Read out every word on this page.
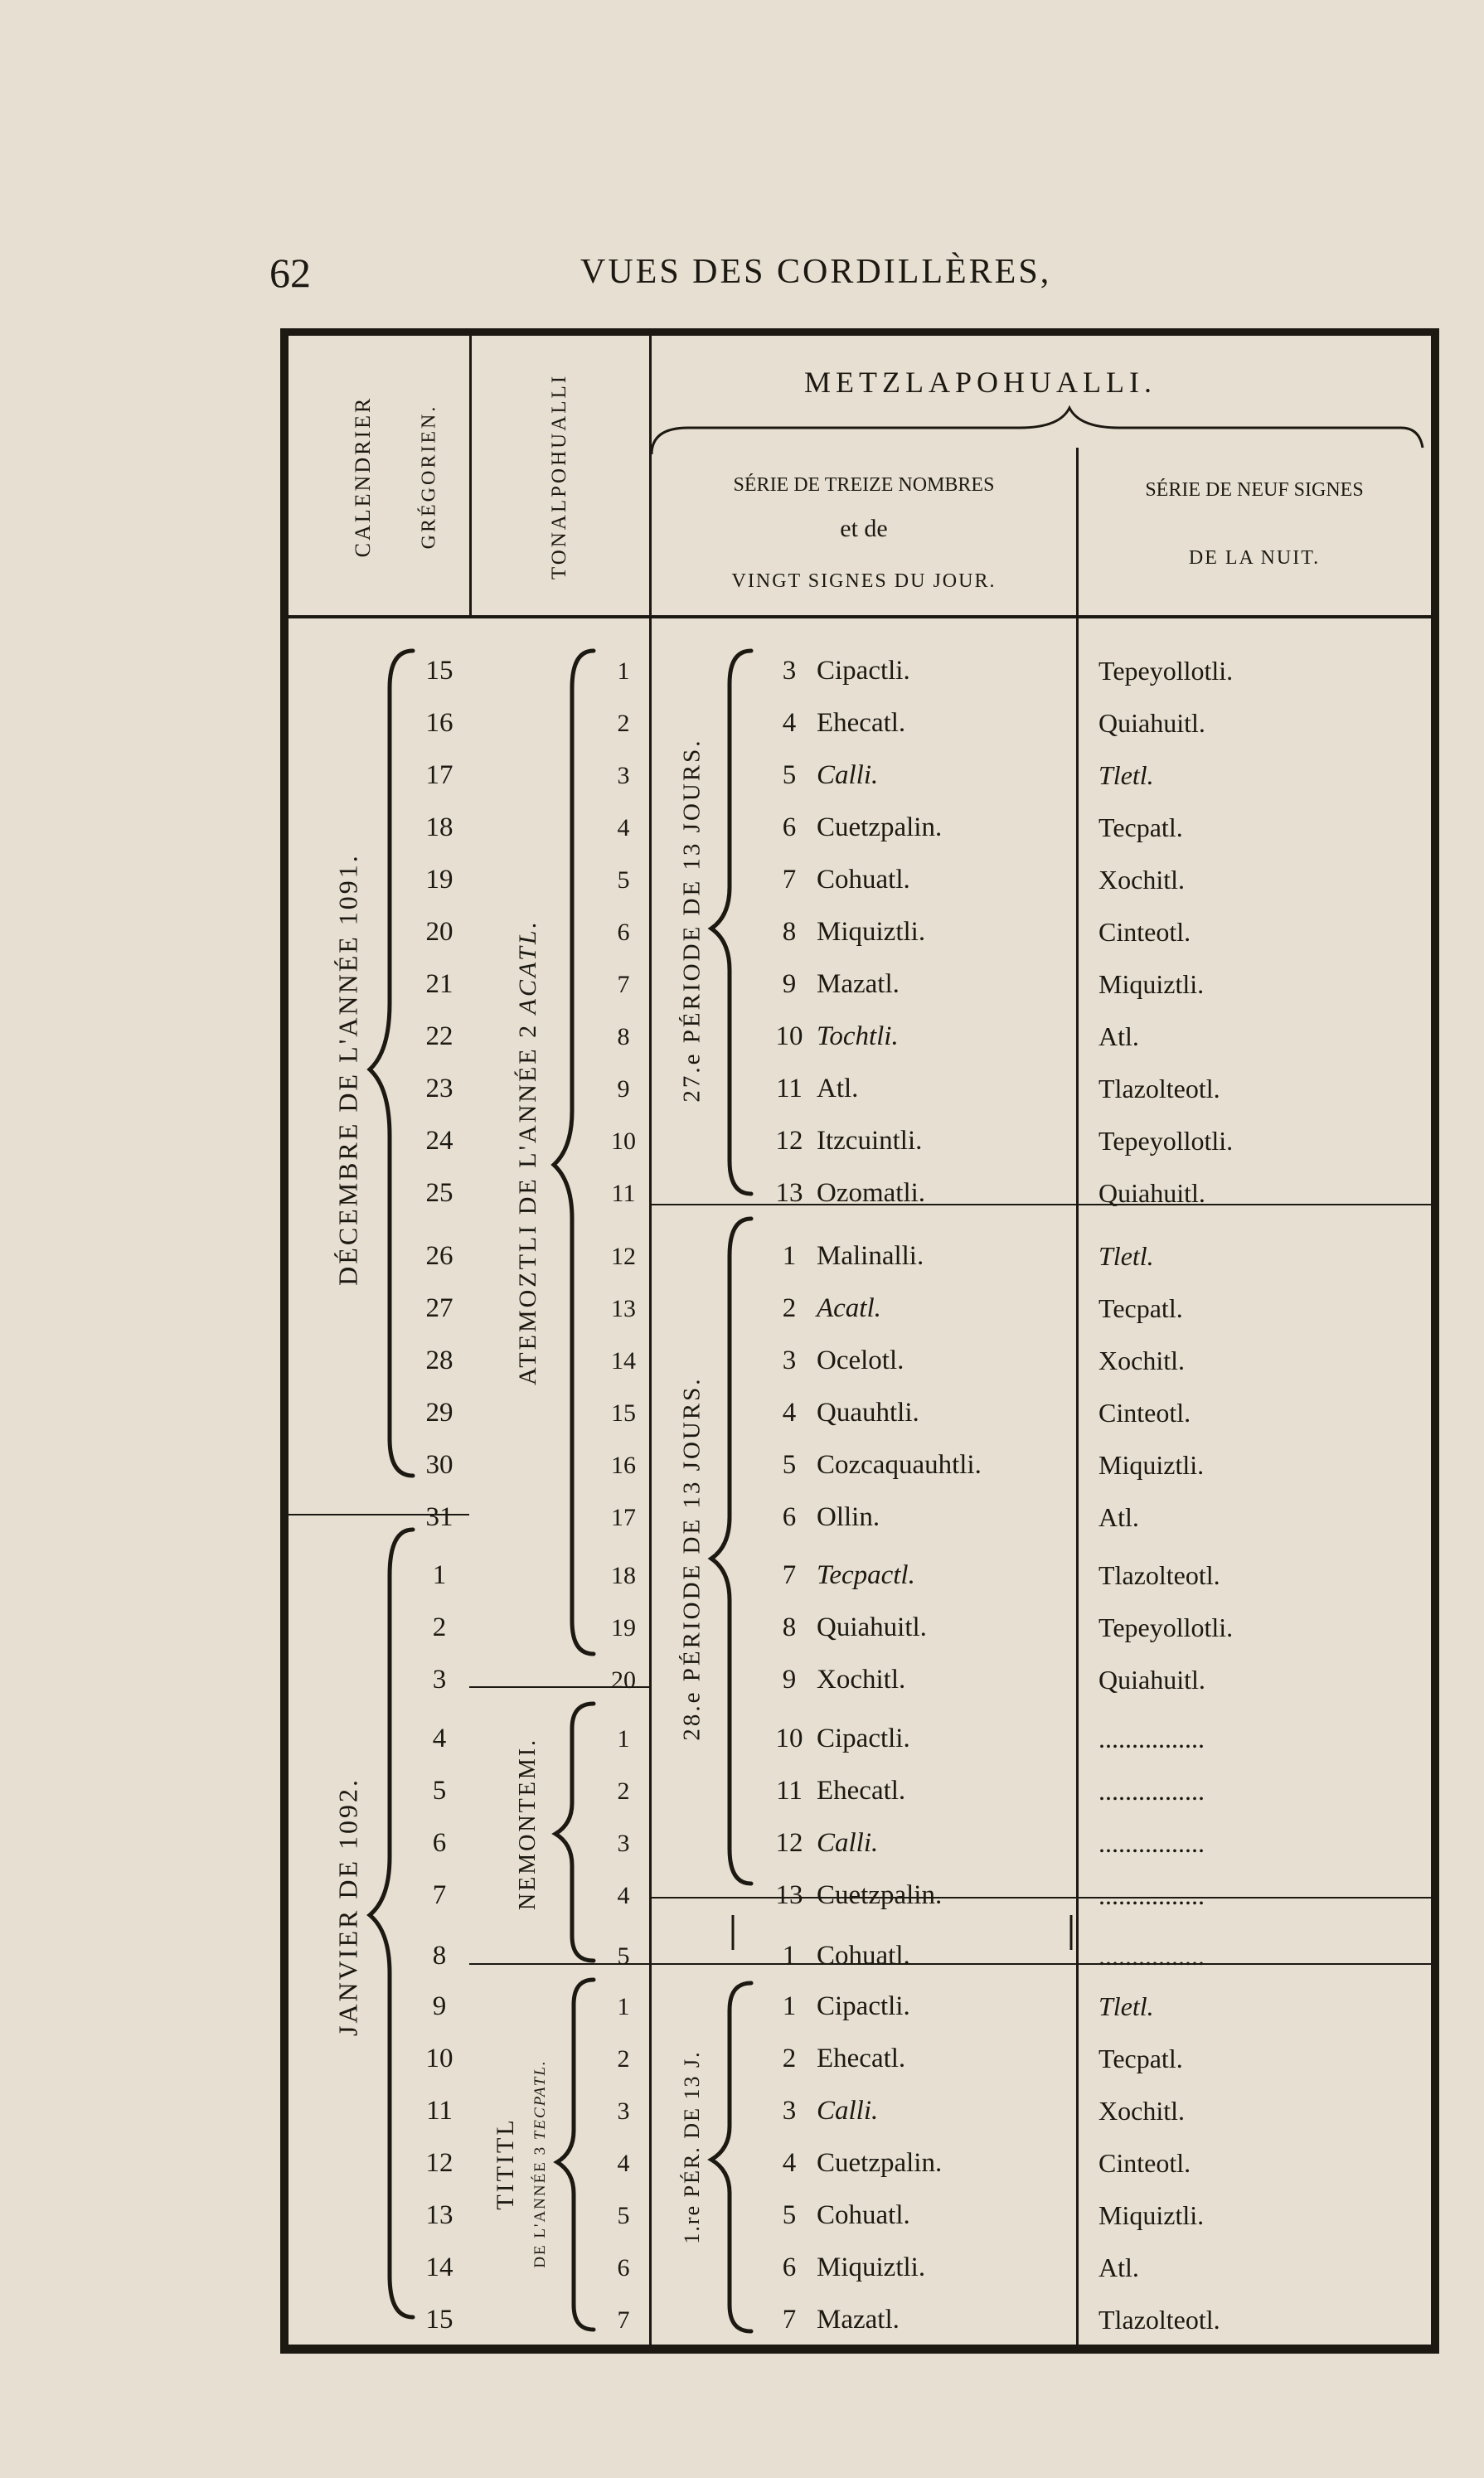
62	VUES DES CORDILLÈRES,
CALENDRIER GRÉGORIEN.	TONALPOHUALLI	METZLAPOHUALLI.
SÉRIE DE TREIZE NOMBRES
et de
VINGT SIGNES DU JOUR.
SÉRIE DE NEUF SIGNES
DE LA NUIT.
DÉCEMBRE DE L'ANNÉE 1091.
JANVIER DE 1092.
ATEMOZTLI DE L'ANNÉE 2 ACATL.
NEMONTEMI.
TITITL DE L'ANNÉE 3 TECPATL.
27.e PÉRIODE DE 13 JOURS.
28.e PÉRIODE DE 13 JOURS.
1.re PÉR. DE 13 J.
15	1	3 Cipactli.	Tepeyollotli.
16	2	4 Ehecatl.	Quiahuitl.
17	3	5 Calli.	Tletl.
18	4	6 Cuetzpalin.	Tecpatl.
19	5	7 Cohuatl.	Xochitl.
20	6	8 Miquiztli.	Cinteotl.
21	7	9 Mazatl.	Miquiztli.
22	8	10 Tochtli.	Atl.
23	9	11 Atl.	Tlazolteotl.
24	10	12 Itzcuintli.	Tepeyollotli.
25	11	13 Ozomatli.	Quiahuitl.
26	12	1 Malinalli.	Tletl.
27	13	2 Acatl.	Tecpatl.
28	14	3 Ocelotl.	Xochitl.
29	15	4 Quauhtli.	Cinteotl.
30	16	5 Cozcaquauhtli.	Miquiztli.
31	17	6 Ollin.	Atl.
1	18	7 Tecpactl.	Tlazolteotl.
2	19	8 Quiahuitl.	Tepeyollotli.
3	20	9 Xochitl.	Quiahuitl.
4	1	10 Cipactli.	................
5	2	11 Ehecatl.	................
6	3	12 Calli.	................
7	4	13 Cuetzpalin.	................
8	5	1 Cohuatl.	................
9	1	1 Cipactli.	Tletl.
10	2	2 Ehecatl.	Tecpatl.
11	3	3 Calli.	Xochitl.
12	4	4 Cuetzpalin.	Cinteotl.
13	5	5 Cohuatl.	Miquiztli.
14	6	6 Miquiztli.	Atl.
15	7	7 Mazatl.	Tlazolteotl.
